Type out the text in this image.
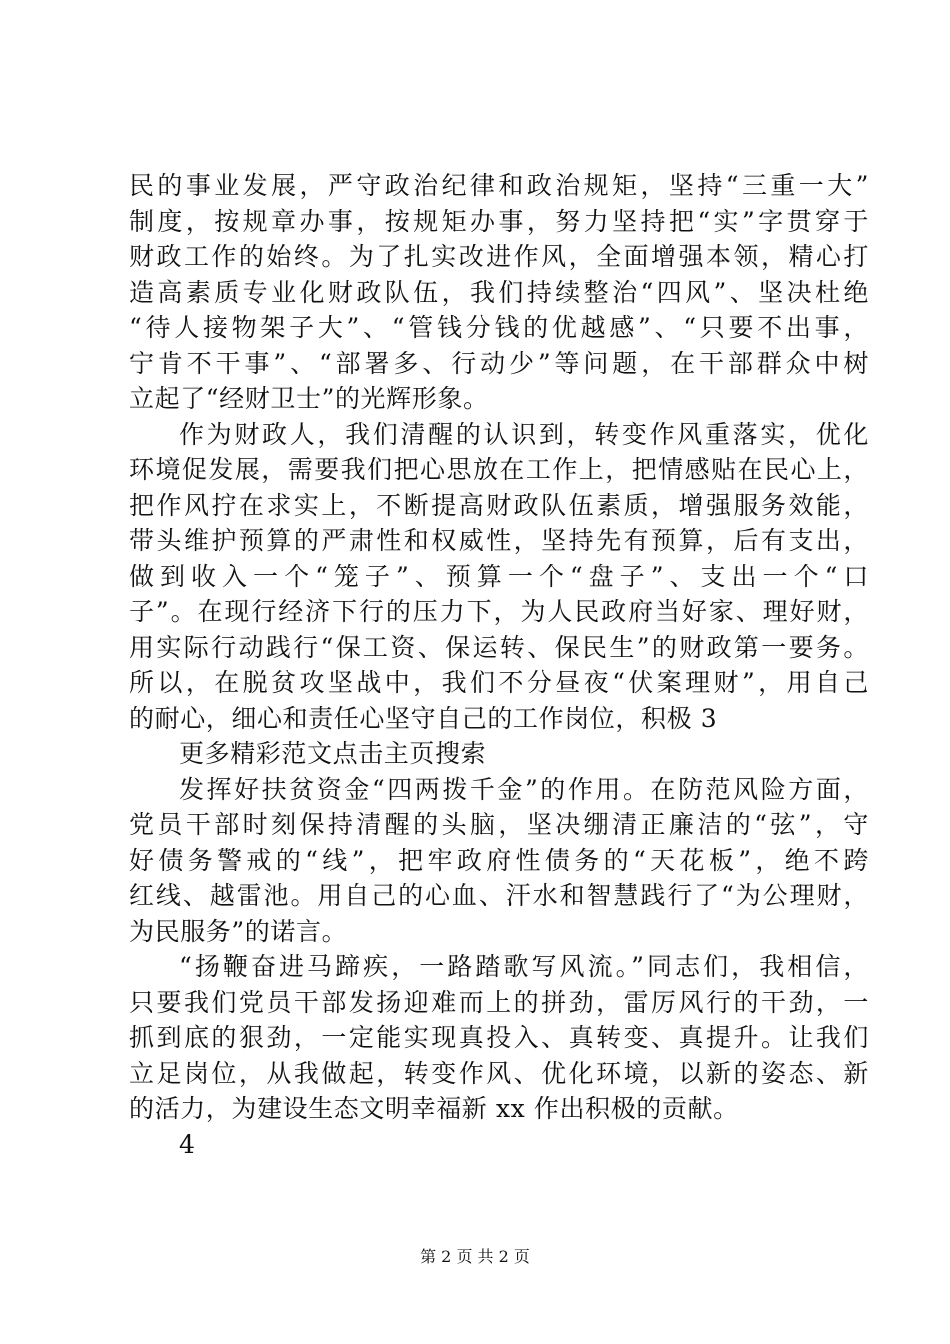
民的事业发展，严守政治纪律和政治规矩，坚持“三重一大”
制度，按规章办事，按规矩办事，努力坚持把“实”字贯穿于
财政工作的始终。为了扎实改进作风，全面增强本领，精心打
造高素质专业化财政队伍，我们持续整治“四风”、坚决杜绝
“待人接物架子大”、“管钱分钱的优越感”、“只要不出事，
宁肯不干事”、“部署多、行动少”等问题，在干部群众中树
立起了“经财卫士”的光辉形象。
作为财政人，我们清醒的认识到，转变作风重落实，优化
环境促发展，需要我们把心思放在工作上，把情感贴在民心上，
把作风拧在求实上，不断提高财政队伍素质，增强服务效能，
带头维护预算的严肃性和权威性，坚持先有预算，后有支出，
做到收入一个“笼子”、预算一个“盘子”、支出一个“口
子”。在现行经济下行的压力下，为人民政府当好家、理好财，
用实际行动践行“保工资、保运转、保民生”的财政第一要务。
所以，在脱贫攻坚战中，我们不分昼夜“伏案理财”，用自己
的耐心，细心和责任心坚守自己的工作岗位，积极 3
更多精彩范文点击主页搜索
发挥好扶贫资金“四两拨千金”的作用。在防范风险方面，
党员干部时刻保持清醒的头脑，坚决绷清正廉洁的“弦”，守
好债务警戒的“线”，把牢政府性债务的“天花板”，绝不跨
红线、越雷池。用自己的心血、汗水和智慧践行了“为公理财，
为民服务”的诺言。
“扬鞭奋进马蹄疾，一路踏歌写风流。”同志们，我相信，
只要我们党员干部发扬迎难而上的拼劲，雷厉风行的干劲，一
抓到底的狠劲，一定能实现真投入、真转变、真提升。让我们
立足岗位，从我做起，转变作风、优化环境，以新的姿态、新
的活力，为建设生态文明幸福新 xx 作出积极的贡献。
4
第 2 页 共 2 页
